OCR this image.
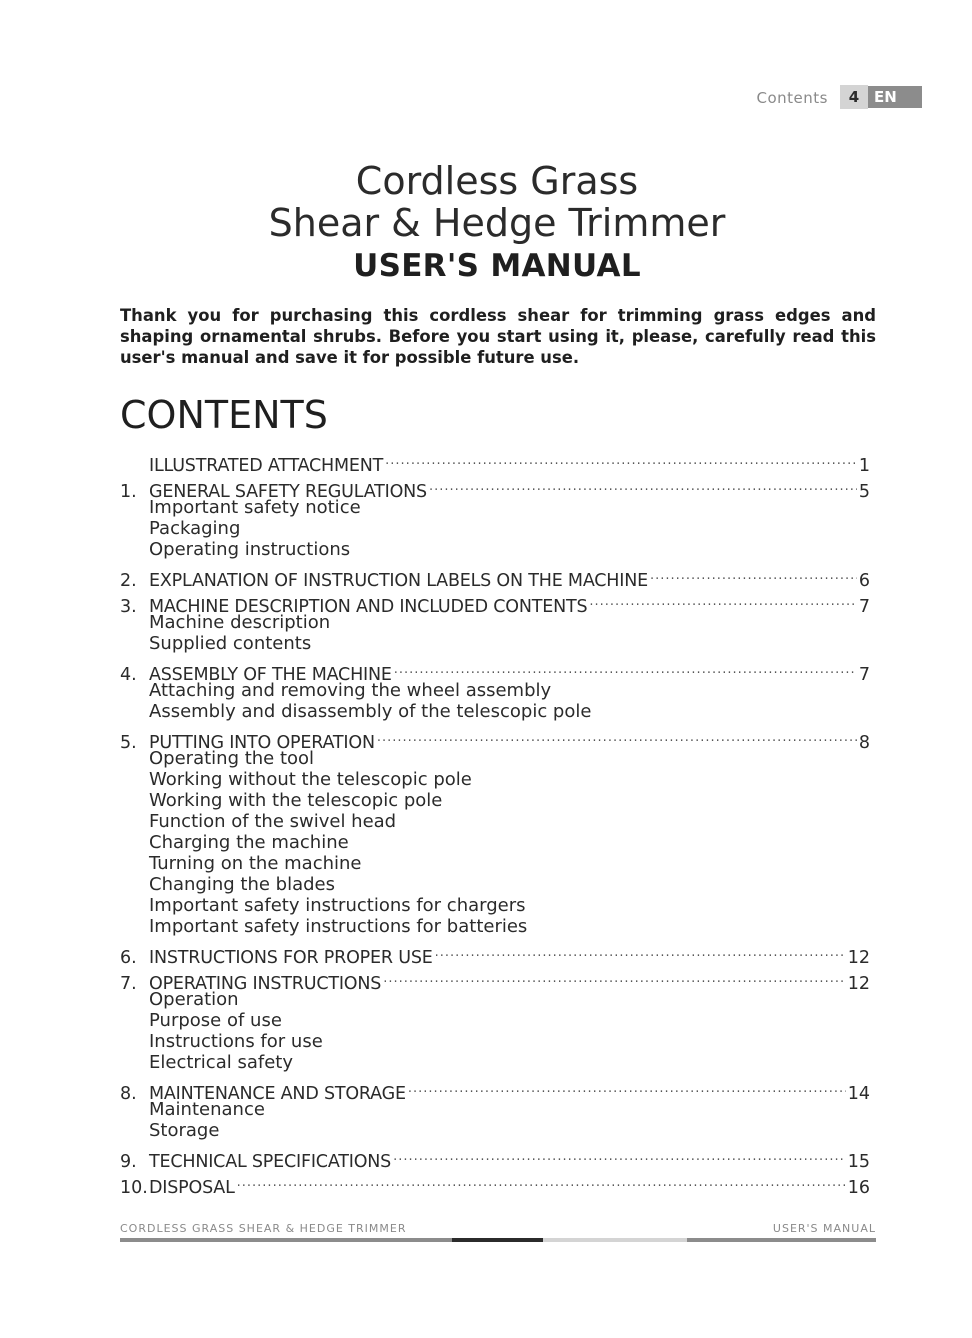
Contents	4 EN
Cordless Grass
Shear & Hedge Trimmer
USER'S MANUAL

Thank you for purchasing this cordless shear for trimming grass edges and shaping ornamental shrubs. Before you start using it, please, carefully read this user's manual and save it for possible future use.

CONTENTS
ILLUSTRATED ATTACHMENT .....	1
1. GENERAL SAFETY REGULATIONS .....	5
Important safety notice
Packaging
Operating instructions
2. EXPLANATION OF INSTRUCTION LABELS ON THE MACHINE .....	6
3. MACHINE DESCRIPTION AND INCLUDED CONTENTS .....	7
Machine description
Supplied contents
4. ASSEMBLY OF THE MACHINE .....	7
Attaching and removing the wheel assembly
Assembly and disassembly of the telescopic pole
5. PUTTING INTO OPERATION .....	8
Operating the tool
Working without the telescopic pole
Working with the telescopic pole
Function of the swivel head
Charging the machine
Turning on the machine
Changing the blades
Important safety instructions for chargers
Important safety instructions for batteries
6. INSTRUCTIONS FOR PROPER USE .....	12
7. OPERATING INSTRUCTIONS .....	12
Operation
Purpose of use
Instructions for use
Electrical safety
8. MAINTENANCE AND STORAGE .....	14
Maintenance
Storage
9. TECHNICAL SPECIFICATIONS .....	15
10. DISPOSAL .....	16
CORDLESS GRASS SHEAR & HEDGE TRIMMER	USER'S MANUAL
